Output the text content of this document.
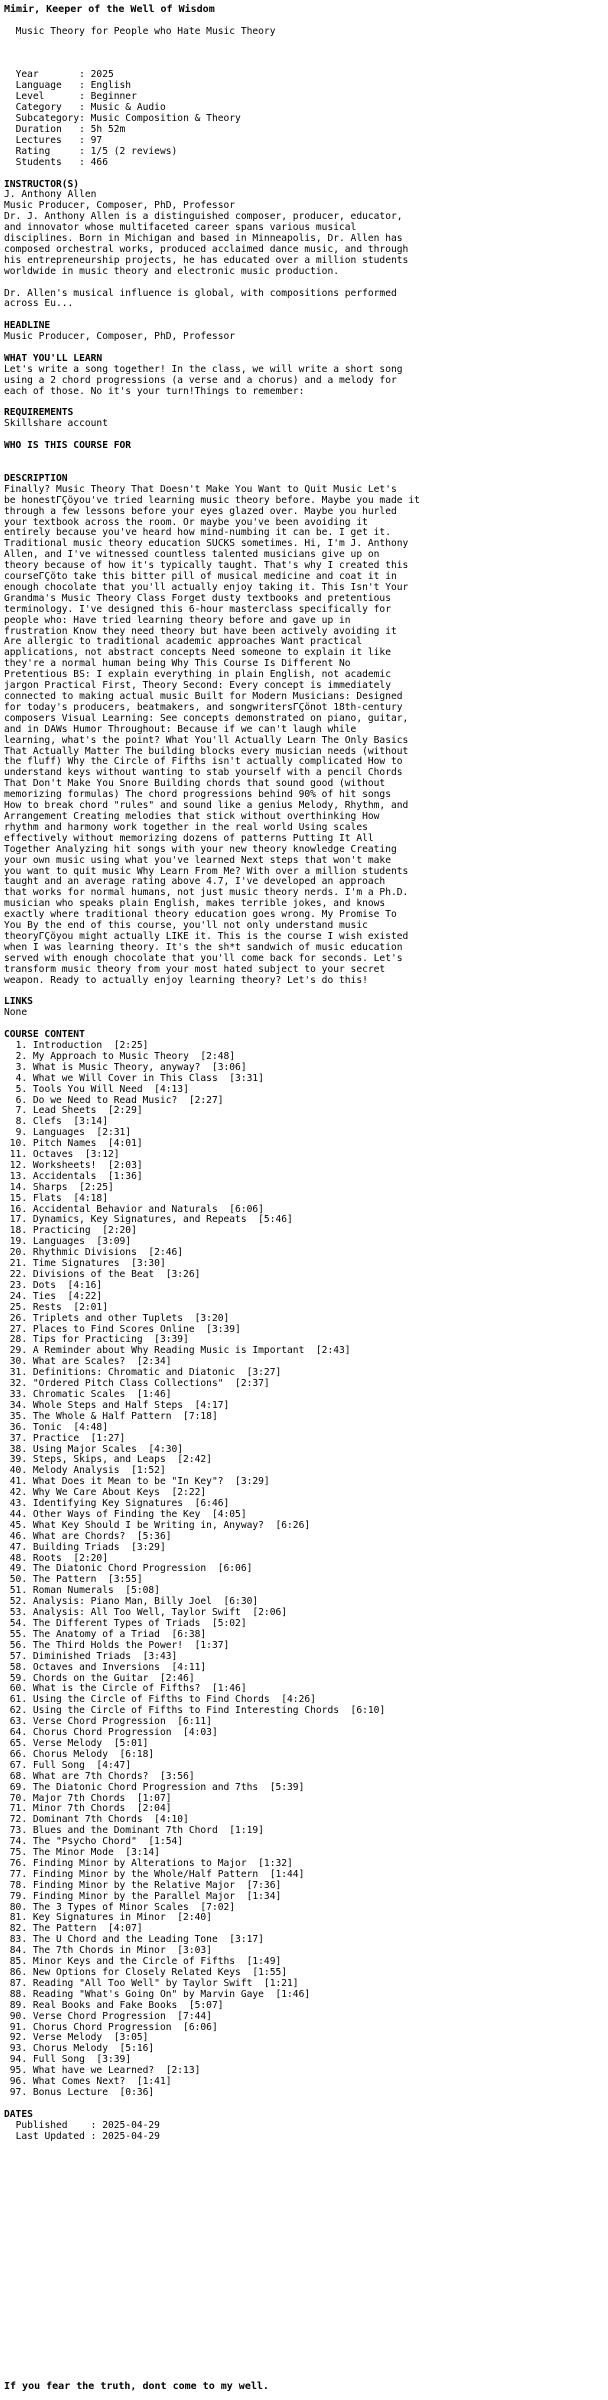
Mimir, Keeper of the Well of Wisdom
Music Theory for People who Hate Music Theory
Year       : 2025
Language   : English
Level      : Beginner
Category   : Music & Audio
Subcategory: Music Composition & Theory
Duration   : 5h 52m
Lectures   : 97
Rating     : 1/5 (2 reviews)
Students   : 466
INSTRUCTOR(S)
J. Anthony Allen
Music Producer, Composer, PhD, Professor
Dr. J. Anthony Allen is a distinguished composer, producer, educator,
and innovator whose multifaceted career spans various musical
disciplines. Born in Michigan and based in Minneapolis, Dr. Allen has
composed orchestral works, produced acclaimed dance music, and through
his entrepreneurship projects, he has educated over a million students
worldwide in music theory and electronic music production.
Dr. Allen's musical influence is global, with compositions performed
across Eu...
HEADLINE
Music Producer, Composer, PhD, Professor
WHAT YOU'LL LEARN
Let's write a song together! In the class, we will write a short song
using a 2 chord progressions (a verse and a chorus) and a melody for
each of those. No it's your turn!Things to remember:
REQUIREMENTS
Skillshare account
WHO IS THIS COURSE FOR
DESCRIPTION
Finally? Music Theory That Doesn't Make You Want to Quit Music Let's
be honestΓÇöyou've tried learning music theory before. Maybe you made it
through a few lessons before your eyes glazed over. Maybe you hurled
your textbook across the room. Or maybe you've been avoiding it
entirely because you've heard how mind-numbing it can be. I get it.
Traditional music theory education SUCKS sometimes. Hi, I'm J. Anthony
Allen, and I've witnessed countless talented musicians give up on
theory because of how it's typically taught. That's why I created this
courseΓÇöto take this bitter pill of musical medicine and coat it in
enough chocolate that you'll actually enjoy taking it. This Isn't Your
Grandma's Music Theory Class Forget dusty textbooks and pretentious
terminology. I've designed this 6-hour masterclass specifically for
people who: Have tried learning theory before and gave up in
frustration Know they need theory but have been actively avoiding it
Are allergic to traditional academic approaches Want practical
applications, not abstract concepts Need someone to explain it like
they're a normal human being Why This Course Is Different No
Pretentious BS: I explain everything in plain English, not academic
jargon Practical First, Theory Second: Every concept is immediately
connected to making actual music Built for Modern Musicians: Designed
for today's producers, beatmakers, and songwritersΓÇönot 18th-century
composers Visual Learning: See concepts demonstrated on piano, guitar,
and in DAWs Humor Throughout: Because if we can't laugh while
learning, what's the point? What You'll Actually Learn The Only Basics
That Actually Matter The building blocks every musician needs (without
the fluff) Why the Circle of Fifths isn't actually complicated How to
understand keys without wanting to stab yourself with a pencil Chords
That Don't Make You Snore Building chords that sound good (without
memorizing formulas) The chord progressions behind 90% of hit songs
How to break chord "rules" and sound like a genius Melody, Rhythm, and
Arrangement Creating melodies that stick without overthinking How
rhythm and harmony work together in the real world Using scales
effectively without memorizing dozens of patterns Putting It All
Together Analyzing hit songs with your new theory knowledge Creating
your own music using what you've learned Next steps that won't make
you want to quit music Why Learn From Me? With over a million students
taught and an average rating above 4.7, I've developed an approach
that works for normal humans, not just music theory nerds. I'm a Ph.D.
musician who speaks plain English, makes terrible jokes, and knows
exactly where traditional theory education goes wrong. My Promise To
You By the end of this course, you'll not only understand music
theoryΓÇöyou might actually LIKE it. This is the course I wish existed
when I was learning theory. It's the sh*t sandwich of music education
served with enough chocolate that you'll come back for seconds. Let's
transform music theory from your most hated subject to your secret
weapon. Ready to actually enjoy learning theory? Let's do this!
LINKS
None
COURSE CONTENT
1. Introduction  [2:25]
2. My Approach to Music Theory  [2:48]
3. What is Music Theory, anyway?  [3:06]
4. What we Will Cover in This Class  [3:31]
5. Tools You Will Need  [4:13]
6. Do we Need to Read Music?  [2:27]
7. Lead Sheets  [2:29]
8. Clefs  [3:14]
9. Languages  [2:31]
10. Pitch Names  [4:01]
11. Octaves  [3:12]
12. Worksheets!  [2:03]
13. Accidentals  [1:36]
14. Sharps  [2:25]
15. Flats  [4:18]
16. Accidental Behavior and Naturals  [6:06]
17. Dynamics, Key Signatures, and Repeats  [5:46]
18. Practicing  [2:20]
19. Languages  [3:09]
20. Rhythmic Divisions  [2:46]
21. Time Signatures  [3:30]
22. Divisions of the Beat  [3:26]
23. Dots  [4:16]
24. Ties  [4:22]
25. Rests  [2:01]
26. Triplets and other Tuplets  [3:20]
27. Places to Find Scores Online  [3:39]
28. Tips for Practicing  [3:39]
29. A Reminder about Why Reading Music is Important  [2:43]
30. What are Scales?  [2:34]
31. Definitions: Chromatic and Diatonic  [3:27]
32. "Ordered Pitch Class Collections"  [2:37]
33. Chromatic Scales  [1:46]
34. Whole Steps and Half Steps  [4:17]
35. The Whole & Half Pattern  [7:18]
36. Tonic  [4:48]
37. Practice  [1:27]
38. Using Major Scales  [4:30]
39. Steps, Skips, and Leaps  [2:42]
40. Melody Analysis  [1:52]
41. What Does it Mean to be "In Key"?  [3:29]
42. Why We Care About Keys  [2:22]
43. Identifying Key Signatures  [6:46]
44. Other Ways of Finding the Key  [4:05]
45. What Key Should I be Writing in, Anyway?  [6:26]
46. What are Chords?  [5:36]
47. Building Triads  [3:29]
48. Roots  [2:20]
49. The Diatonic Chord Progression  [6:06]
50. The Pattern  [3:55]
51. Roman Numerals  [5:08]
52. Analysis: Piano Man, Billy Joel  [6:30]
53. Analysis: All Too Well, Taylor Swift  [2:06]
54. The Different Types of Triads  [5:02]
55. The Anatomy of a Triad  [6:38]
56. The Third Holds the Power!  [1:37]
57. Diminished Triads  [3:43]
58. Octaves and Inversions  [4:11]
59. Chords on the Guitar  [2:46]
60. What is the Circle of Fifths?  [1:46]
61. Using the Circle of Fifths to Find Chords  [4:26]
62. Using the Circle of Fifths to Find Interesting Chords  [6:10]
63. Verse Chord Progression  [6:11]
64. Chorus Chord Progression  [4:03]
65. Verse Melody  [5:01]
66. Chorus Melody  [6:18]
67. Full Song  [4:47]
68. What are 7th Chords?  [3:56]
69. The Diatonic Chord Progression and 7ths  [5:39]
70. Major 7th Chords  [1:07]
71. Minor 7th Chords  [2:04]
72. Dominant 7th Chords  [4:10]
73. Blues and the Dominant 7th Chord  [1:19]
74. The "Psycho Chord"  [1:54]
75. The Minor Mode  [3:14]
76. Finding Minor by Alterations to Major  [1:32]
77. Finding Minor by the Whole/Half Pattern  [1:44]
78. Finding Minor by the Relative Major  [7:36]
79. Finding Minor by the Parallel Major  [1:34]
80. The 3 Types of Minor Scales  [7:02]
81. Key Signatures in Minor  [2:40]
82. The Pattern  [4:07]
83. The U Chord and the Leading Tone  [3:17]
84. The 7th Chords in Minor  [3:03]
85. Minor Keys and the Circle of Fifths  [1:49]
86. New Options for Closely Related Keys  [1:55]
87. Reading "All Too Well" by Taylor Swift  [1:21]
88. Reading "What's Going On" by Marvin Gaye  [1:46]
89. Real Books and Fake Books  [5:07]
90. Verse Chord Progression  [7:44]
91. Chorus Chord Progression  [6:06]
92. Verse Melody  [3:05]
93. Chorus Melody  [5:16]
94. Full Song  [3:39]
95. What have we Learned?  [2:13]
96. What Comes Next?  [1:41]
97. Bonus Lecture  [0:36]
DATES
Published    : 2025-04-29
Last Updated : 2025-04-29
If you fear the truth, dont come to my well.
